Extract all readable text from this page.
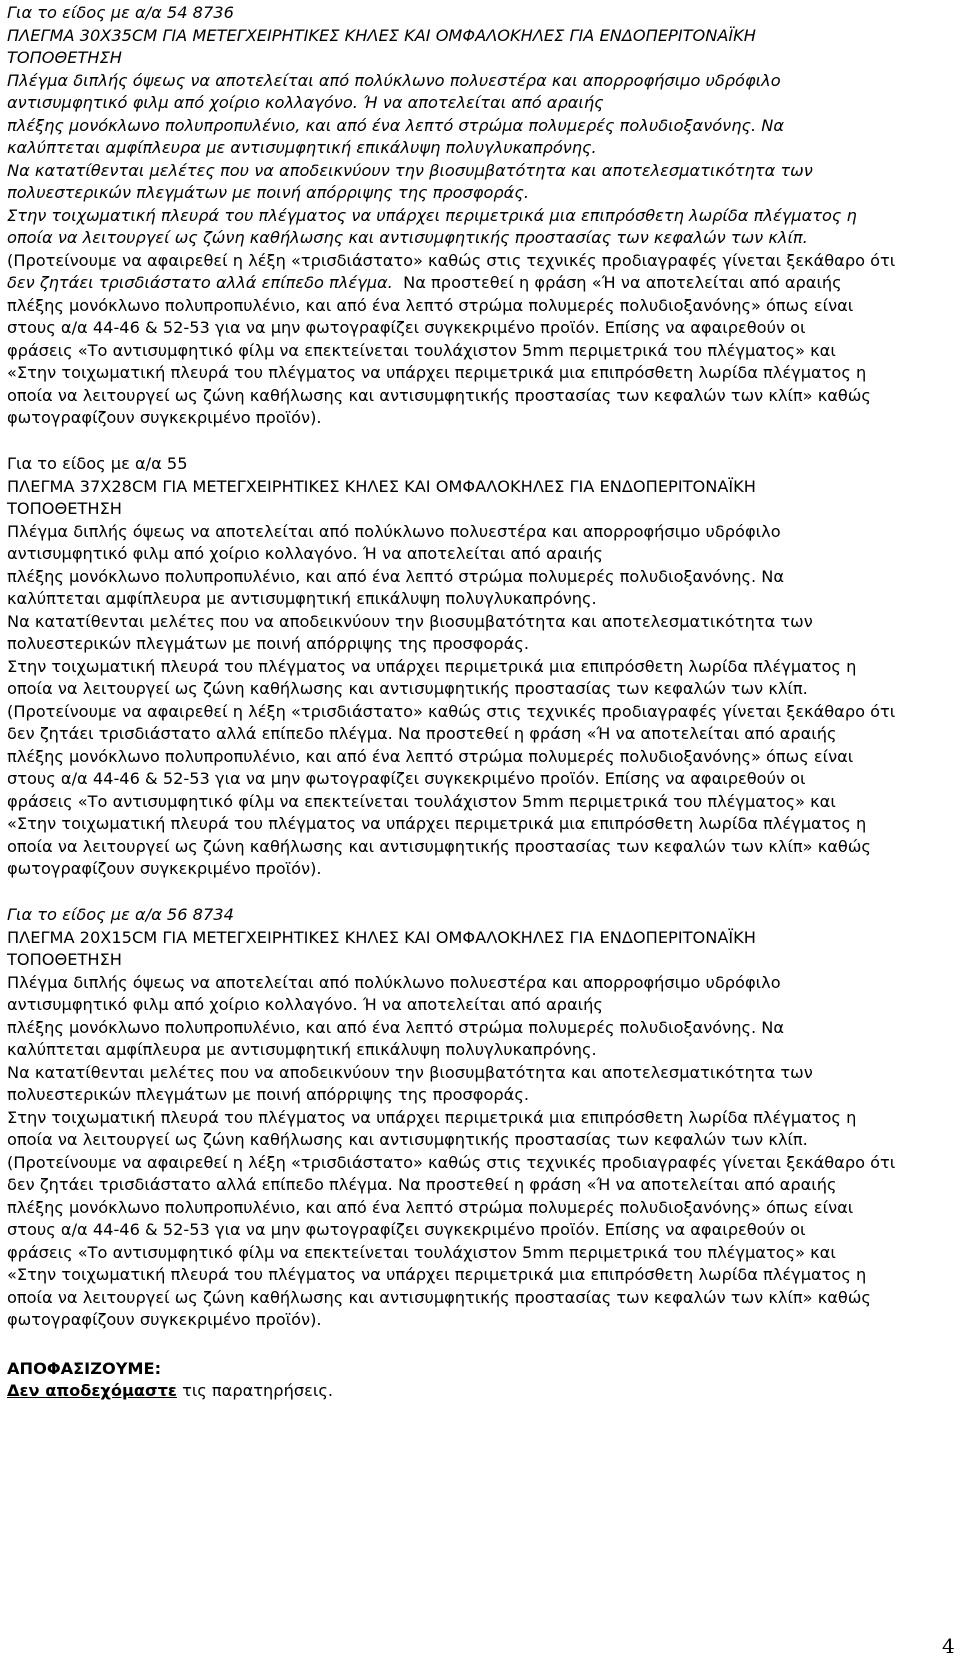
Για το είδος με α/α 54 8736
ΠΛΕΓΜΑ 30Χ35CM ΓΙΑ ΜΕΤΕΓΧΕΙΡΗΤΙΚΕΣ ΚΗΛΕΣ ΚΑΙ ΟΜΦΑΛΟΚΗΛΕΣ ΓΙΑ ΕΝΔΟΠΕΡΙΤΟΝΑΪΚΗ
ΤΟΠΟΘΕΤΗΣΗ
Πλέγμα διπλής όψεως να αποτελείται από πολύκλωνο πολυεστέρα και απορροφήσιμο υδρόφιλο
αντισυμφητικό φιλμ από χοίριο κολλαγόνο. Ή να αποτελείται από αραιής
πλέξης μονόκλωνο πολυπροπυλένιο, και από ένα λεπτό στρώμα πολυμερές πολυδιοξανόνης. Να
καλύπτεται αμφίπλευρα με αντισυμφητική επικάλυψη πολυγλυκαπρόνης.
Να κατατίθενται μελέτες που να αποδεικνύουν την βιοσυμβατότητα και αποτελεσματικότητα των
πολυεστερικών πλεγμάτων με ποινή απόρριψης της προσφοράς.
Στην τοιχωματική πλευρά του πλέγματος να υπάρχει περιμετρικά μια επιπρόσθετη λωρίδα πλέγματος η
οποία να λειτουργεί ως ζώνη καθήλωσης και αντισυμφητικής προστασίας των κεφαλών των κλίπ.
(Προτείνουμε να αφαιρεθεί η λέξη «τρισδιάστατο» καθώς στις τεχνικές προδιαγραφές γίνεται ξεκάθαρο ότι
δεν ζητάει τρισδιάστατο αλλά επίπεδο πλέγμα.  Να προστεθεί η φράση «Ή να αποτελείται από αραιής
πλέξης μονόκλωνο πολυπροπυλένιο, και από ένα λεπτό στρώμα πολυμερές πολυδιοξανόνης» όπως είναι
στους α/α 44-46 & 52-53 για να μην φωτογραφίζει συγκεκριμένο προϊόν. Επίσης να αφαιρεθούν οι
φράσεις «Το αντισυμφητικό φίλμ να επεκτείνεται τουλάχιστον 5mm περιμετρικά του πλέγματος» και
«Στην τοιχωματική πλευρά του πλέγματος να υπάρχει περιμετρικά μια επιπρόσθετη λωρίδα πλέγματος η
οποία να λειτουργεί ως ζώνη καθήλωσης και αντισυμφητικής προστασίας των κεφαλών των κλίπ» καθώς
φωτογραφίζουν συγκεκριμένο προϊόν).
Για το είδος με α/α 55
ΠΛΕΓΜΑ 37Χ28CM ΓΙΑ ΜΕΤΕΓΧΕΙΡΗΤΙΚΕΣ ΚΗΛΕΣ ΚΑΙ ΟΜΦΑΛΟΚΗΛΕΣ ΓΙΑ ΕΝΔΟΠΕΡΙΤΟΝΑΪΚΗ
ΤΟΠΟΘΕΤΗΣΗ
Πλέγμα διπλής όψεως να αποτελείται από πολύκλωνο πολυεστέρα και απορροφήσιμο υδρόφιλο
αντισυμφητικό φιλμ από χοίριο κολλαγόνο. Ή να αποτελείται από αραιής
πλέξης μονόκλωνο πολυπροπυλένιο, και από ένα λεπτό στρώμα πολυμερές πολυδιοξανόνης. Να
καλύπτεται αμφίπλευρα με αντισυμφητική επικάλυψη πολυγλυκαπρόνης.
Να κατατίθενται μελέτες που να αποδεικνύουν την βιοσυμβατότητα και αποτελεσματικότητα των
πολυεστερικών πλεγμάτων με ποινή απόρριψης της προσφοράς.
Στην τοιχωματική πλευρά του πλέγματος να υπάρχει περιμετρικά μια επιπρόσθετη λωρίδα πλέγματος η
οποία να λειτουργεί ως ζώνη καθήλωσης και αντισυμφητικής προστασίας των κεφαλών των κλίπ.
(Προτείνουμε να αφαιρεθεί η λέξη «τρισδιάστατο» καθώς στις τεχνικές προδιαγραφές γίνεται ξεκάθαρο ότι
δεν ζητάει τρισδιάστατο αλλά επίπεδο πλέγμα. Να προστεθεί η φράση «Ή να αποτελείται από αραιής
πλέξης μονόκλωνο πολυπροπυλένιο, και από ένα λεπτό στρώμα πολυμερές πολυδιοξανόνης» όπως είναι
στους α/α 44-46 & 52-53 για να μην φωτογραφίζει συγκεκριμένο προϊόν. Επίσης να αφαιρεθούν οι
φράσεις «Το αντισυμφητικό φίλμ να επεκτείνεται τουλάχιστον 5mm περιμετρικά του πλέγματος» και
«Στην τοιχωματική πλευρά του πλέγματος να υπάρχει περιμετρικά μια επιπρόσθετη λωρίδα πλέγματος η
οποία να λειτουργεί ως ζώνη καθήλωσης και αντισυμφητικής προστασίας των κεφαλών των κλίπ» καθώς
φωτογραφίζουν συγκεκριμένο προϊόν).
Για το είδος με α/α 56 8734
ΠΛΕΓΜΑ 20Χ15CM ΓΙΑ ΜΕΤΕΓΧΕΙΡΗΤΙΚΕΣ ΚΗΛΕΣ ΚΑΙ ΟΜΦΑΛΟΚΗΛΕΣ ΓΙΑ ΕΝΔΟΠΕΡΙΤΟΝΑΪΚΗ
ΤΟΠΟΘΕΤΗΣΗ
Πλέγμα διπλής όψεως να αποτελείται από πολύκλωνο πολυεστέρα και απορροφήσιμο υδρόφιλο
αντισυμφητικό φιλμ από χοίριο κολλαγόνο. Ή να αποτελείται από αραιής
πλέξης μονόκλωνο πολυπροπυλένιο, και από ένα λεπτό στρώμα πολυμερές πολυδιοξανόνης. Να
καλύπτεται αμφίπλευρα με αντισυμφητική επικάλυψη πολυγλυκαπρόνης.
Να κατατίθενται μελέτες που να αποδεικνύουν την βιοσυμβατότητα και αποτελεσματικότητα των
πολυεστερικών πλεγμάτων με ποινή απόρριψης της προσφοράς.
Στην τοιχωματική πλευρά του πλέγματος να υπάρχει περιμετρικά μια επιπρόσθετη λωρίδα πλέγματος η
οποία να λειτουργεί ως ζώνη καθήλωσης και αντισυμφητικής προστασίας των κεφαλών των κλίπ.
(Προτείνουμε να αφαιρεθεί η λέξη «τρισδιάστατο» καθώς στις τεχνικές προδιαγραφές γίνεται ξεκάθαρο ότι
δεν ζητάει τρισδιάστατο αλλά επίπεδο πλέγμα. Να προστεθεί η φράση «Ή να αποτελείται από αραιής
πλέξης μονόκλωνο πολυπροπυλένιο, και από ένα λεπτό στρώμα πολυμερές πολυδιοξανόνης» όπως είναι
στους α/α 44-46 & 52-53 για να μην φωτογραφίζει συγκεκριμένο προϊόν. Επίσης να αφαιρεθούν οι
φράσεις «Το αντισυμφητικό φίλμ να επεκτείνεται τουλάχιστον 5mm περιμετρικά του πλέγματος» και
«Στην τοιχωματική πλευρά του πλέγματος να υπάρχει περιμετρικά μια επιπρόσθετη λωρίδα πλέγματος η
οποία να λειτουργεί ως ζώνη καθήλωσης και αντισυμφητικής προστασίας των κεφαλών των κλίπ» καθώς
φωτογραφίζουν συγκεκριμένο προϊόν).
ΑΠΟΦΑΣΙΖΟΥΜΕ:
Δεν αποδεχόμαστε τις παρατηρήσεις.
4
